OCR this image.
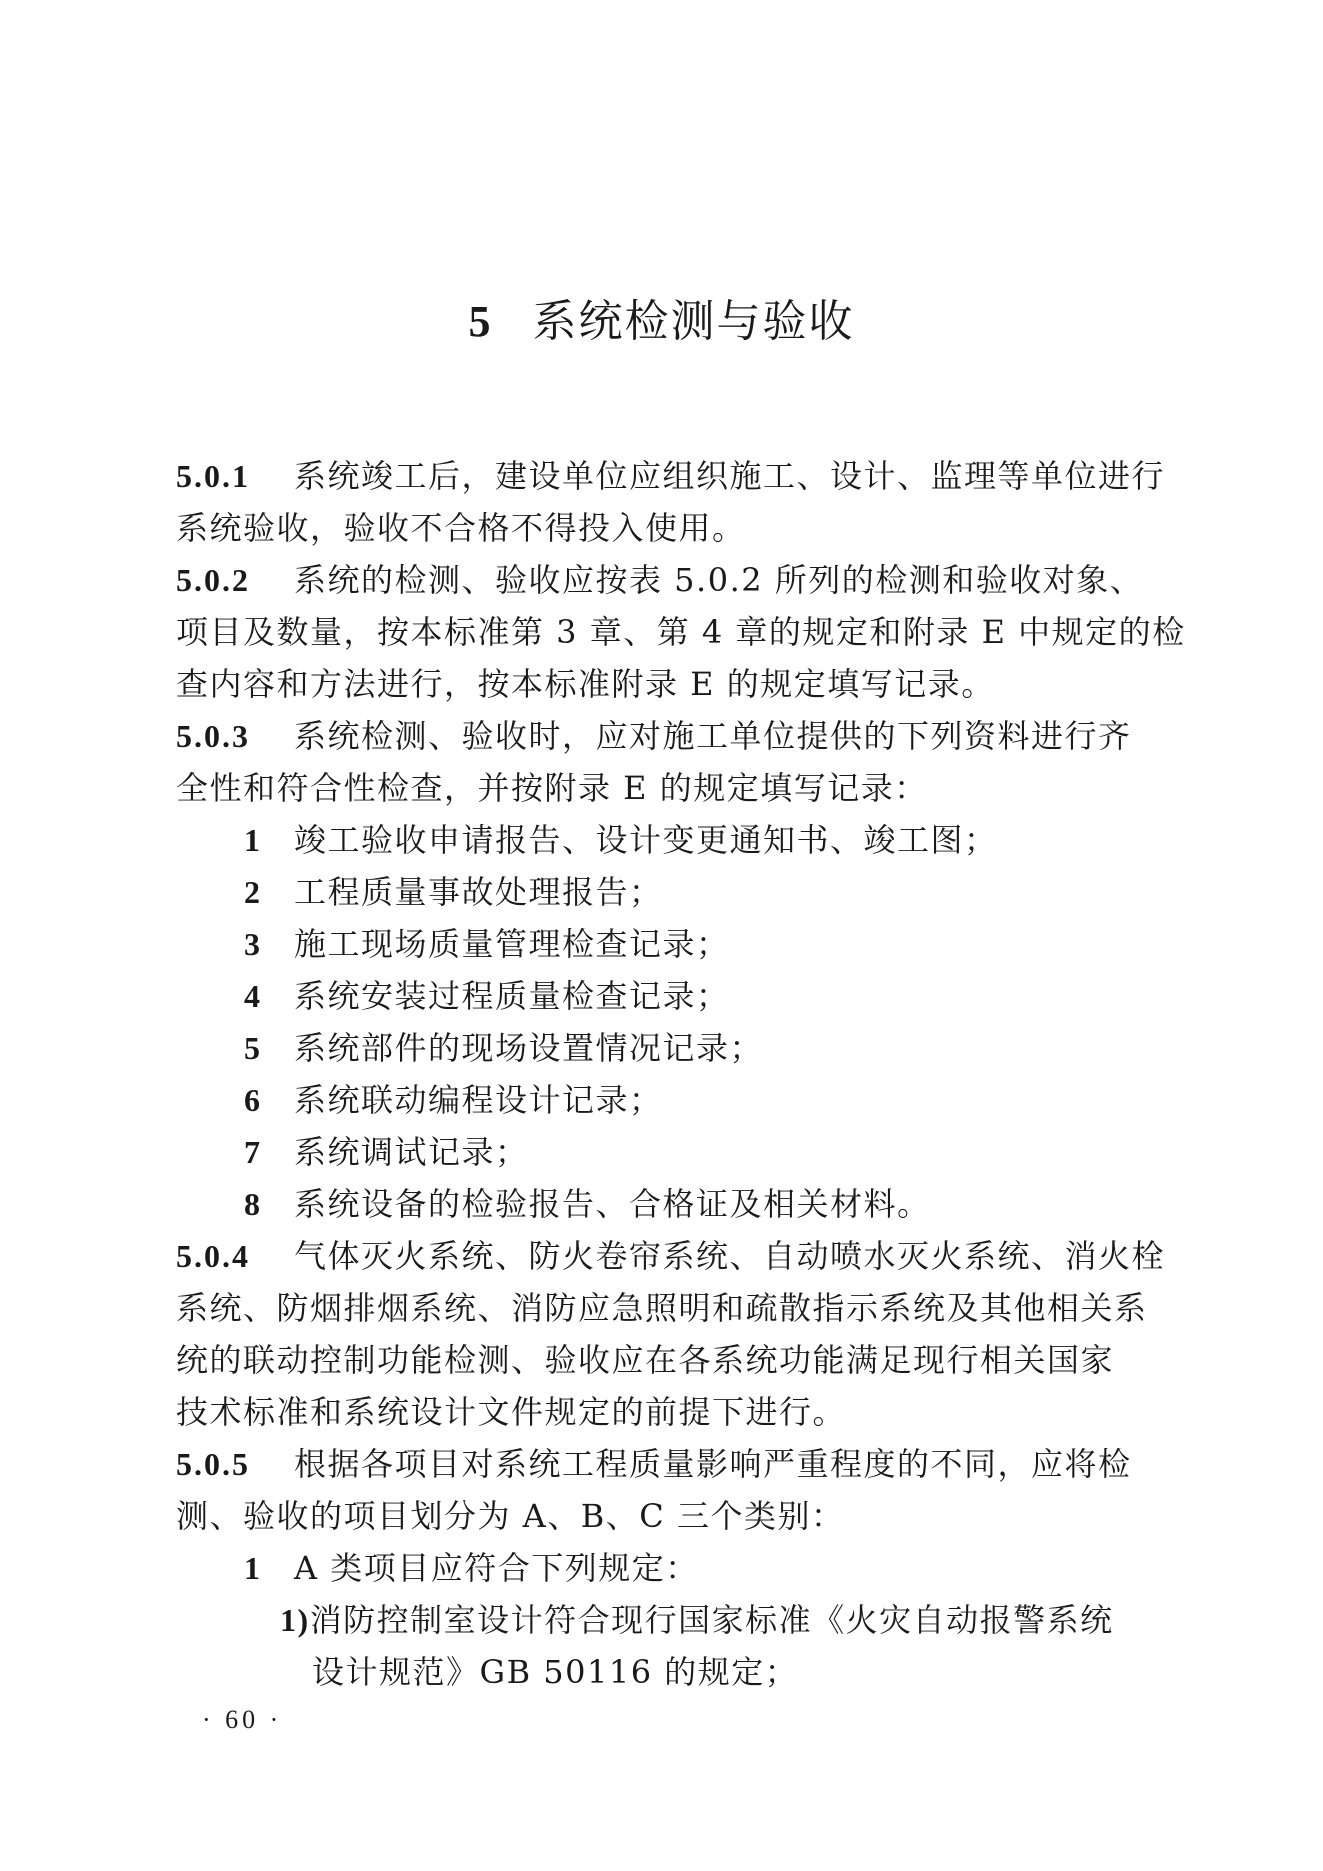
5 系统检测与验收
5.0.1 系统竣工后，建设单位应组织施工、设计、监理等单位进行
系统验收，验收不合格不得投入使用。
5.0.2 系统的检测、验收应按表 5.0.2 所列的检测和验收对象、
项目及数量，按本标准第 3 章、第 4 章的规定和附录 E 中规定的检
查内容和方法进行，按本标准附录 E 的规定填写记录。
5.0.3 系统检测、验收时，应对施工单位提供的下列资料进行齐
全性和符合性检查，并按附录 E 的规定填写记录：
1 竣工验收申请报告、设计变更通知书、竣工图；
2 工程质量事故处理报告；
3 施工现场质量管理检查记录；
4 系统安装过程质量检查记录；
5 系统部件的现场设置情况记录；
6 系统联动编程设计记录；
7 系统调试记录；
8 系统设备的检验报告、合格证及相关材料。
5.0.4 气体灭火系统、防火卷帘系统、自动喷水灭火系统、消火栓
系统、防烟排烟系统、消防应急照明和疏散指示系统及其他相关系
统的联动控制功能检测、验收应在各系统功能满足现行相关国家
技术标准和系统设计文件规定的前提下进行。
5.0.5 根据各项目对系统工程质量影响严重程度的不同，应将检
测、验收的项目划分为 A、B、C 三个类别：
1 A 类项目应符合下列规定：
1)消防控制室设计符合现行国家标准《火灾自动报警系统
设计规范》GB 50116 的规定；
· 60 ·
